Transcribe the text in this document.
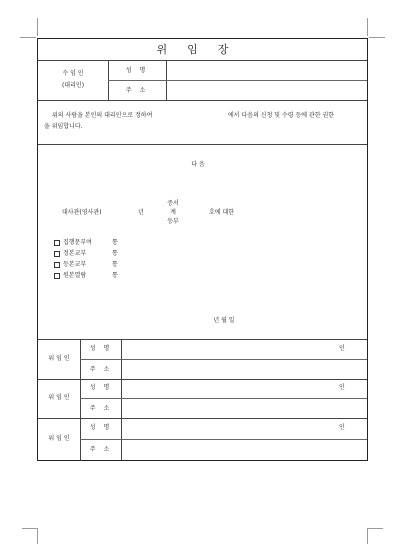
위임장
수 임 인
(대리인)
성 명
주 소
위의 사람을 본인의 대리인으로 정하여	에서 다음의 신청 및 수령 등에 관한 권한
을 위임합니다.
다 음
대사관(영사관)	년
증서
계
등부
호에 대한
집행문부여	통
정본교부	통
등본교부	통
원본열람	통
년 월 일
위 임 인
성 명	인
주 소
위 임 인
성 명	인
주 소
위 임 인
성 명	인
주 소
